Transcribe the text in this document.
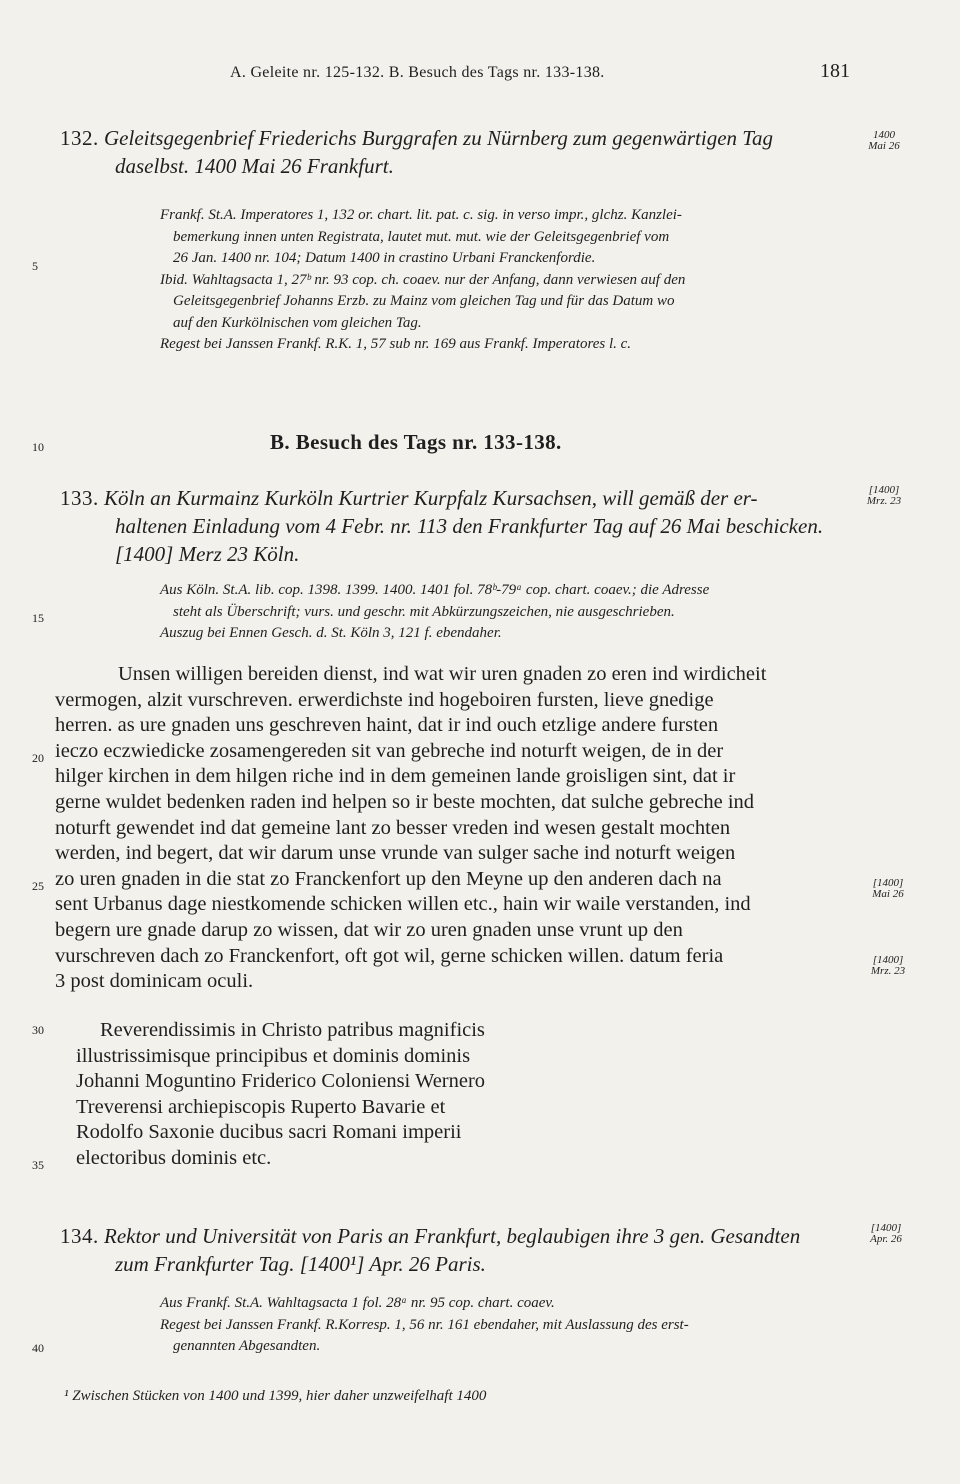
A. Geleite nr. 125-132. B. Besuch des Tags nr. 133-138.	181
132. Geleitsgegenbrief Friederichs Burggrafen zu Nürnberg zum gegenwärtigen Tag
daselbst. 1400 Mai 26 Frankfurt.
1400
Mai 26
Frankf. St.A. Imperatores 1, 132 or. chart. lit. pat. c. sig. in verso impr., glchz. Kanzlei-
bemerkung innen unten Registrata, lautet mut. mut. wie der Geleitsgegenbrief vom
26 Jan. 1400 nr. 104; Datum 1400 in crastino Urbani Franckenfordie.
Ibid. Wahltagsacta 1, 27ᵇ nr. 93 cop. ch. coaev. nur der Anfang, dann verwiesen auf den
Geleitsgegenbrief Johanns Erzb. zu Mainz vom gleichen Tag und für das Datum wo
auf den Kurkölnischen vom gleichen Tag.
Regest bei Janssen Frankf. R.K. 1, 57 sub nr. 169 aus Frankf. Imperatores l. c.
B. Besuch des Tags nr. 133-138.
133. Köln an Kurmainz Kurköln Kurtrier Kurpfalz Kursachsen, will gemäß der er-
haltenen Einladung vom 4 Febr. nr. 113 den Frankfurter Tag auf 26 Mai beschicken.
[1400] Merz 23 Köln.
[1400]
Mrz. 23
Aus Köln. St.A. lib. cop. 1398. 1399. 1400. 1401 fol. 78ᵇ-79ᵃ cop. chart. coaev.; die Adresse
steht als Überschrift; vurs. und geschr. mit Abkürzungszeichen, nie ausgeschrieben.
Auszug bei Ennen Gesch. d. St. Köln 3, 121 f. ebendaher.
Unsen willigen bereiden dienst, ind wat wir uren gnaden zo eren ind wirdicheit
vermogen, alzit vurschreven. erwerdichste ind hogeboiren fursten, lieve gnedige
herren. as ure gnaden uns geschreven haint, dat ir ind ouch etzlige andere fursten
ieczo eczwiedicke zosamengereden sit van gebreche ind noturft weigen, de in der
hilger kirchen in dem hilgen riche ind in dem gemeinen lande groisligen sint, dat ir
gerne wuldet bedenken raden ind helpen so ir beste mochten, dat sulche gebreche ind
noturft gewendet ind dat gemeine lant zo besser vreden ind wesen gestalt mochten
werden, ind begert, dat wir darum unse vrunde van sulger sache ind noturft weigen
zo uren gnaden in die stat zo Franckenfort up den Meyne up den anderen dach na
sent Urbanus dage niestkomende schicken willen etc., hain wir waile verstanden, ind
begern ure gnade darup zo wissen, dat wir zo uren gnaden unse vrunt up den
vurschreven dach zo Franckenfort, oft got wil, gerne schicken willen. datum feria
3 post dominicam oculi.
[1400]
Mai 26
[1400]
Mrz. 23
Reverendissimis in Christo patribus magnificis
illustrissimisque principibus et dominis dominis
Johanni Moguntino Friderico Coloniensi Wernero
Treverensi archiepiscopis Ruperto Bavarie et
Rodolfo Saxonie ducibus sacri Romani imperii
electoribus dominis etc.
134. Rektor und Universität von Paris an Frankfurt, beglaubigen ihre 3 gen. Gesandten
zum Frankfurter Tag. [1400¹] Apr. 26 Paris.
[1400]
Apr. 26
Aus Frankf. St.A. Wahltagsacta 1 fol. 28ᵃ nr. 95 cop. chart. coaev.
Regest bei Janssen Frankf. R.Korresp. 1, 56 nr. 161 ebendaher, mit Auslassung des erst-
genannten Abgesandten.
¹ Zwischen Stücken von 1400 und 1399, hier daher unzweifelhaft 1400
5
10
15
20
25
30
35
40
